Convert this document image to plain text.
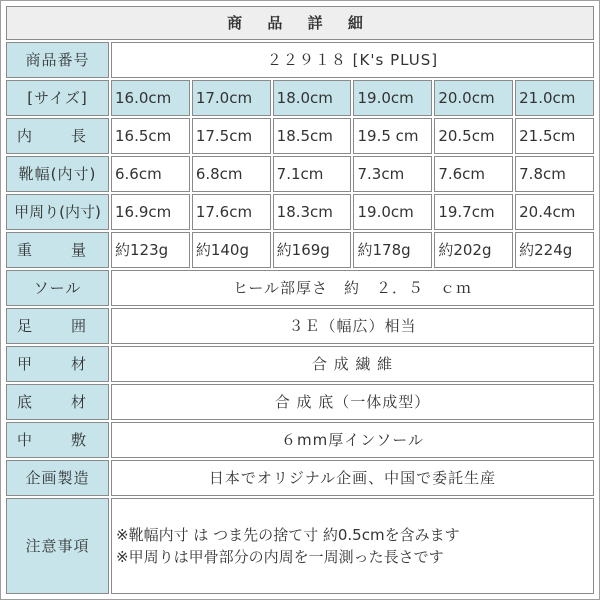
商 品 詳 細						
商品番号	２２９１８ [K's PLUS]					
[サイズ]	16.0cm	17.0cm	18.0cm	19.0cm	20.0cm	21.0cm
内　長	16.5cm	17.5cm	18.5cm	19.5 cm	20.5cm	21.5cm
靴幅(内寸)	6.6cm	6.8cm	7.1cm	7.3cm	7.6cm	7.8cm
甲周り(内寸)	16.9cm	17.6cm	18.3cm	19.0cm	19.7cm	20.4cm
重　量	約123g	約140g	約169g	約178g	約202g	約224g
ソール	ヒール部厚さ　約　２．５　ｃｍ					
足　囲	３Ｅ（幅広）相当					
甲　材	合 成 繊 維					
底　材	合 成 底（一体成型）					
中　敷	６mm厚インソール					
企画製造	日本でオリジナル企画、中国で委託生産					
注意事項	※靴幅内寸 は つま先の捨て寸 約0.5cmを含みます
※甲周りは甲骨部分の内周を一周測った長さです					
